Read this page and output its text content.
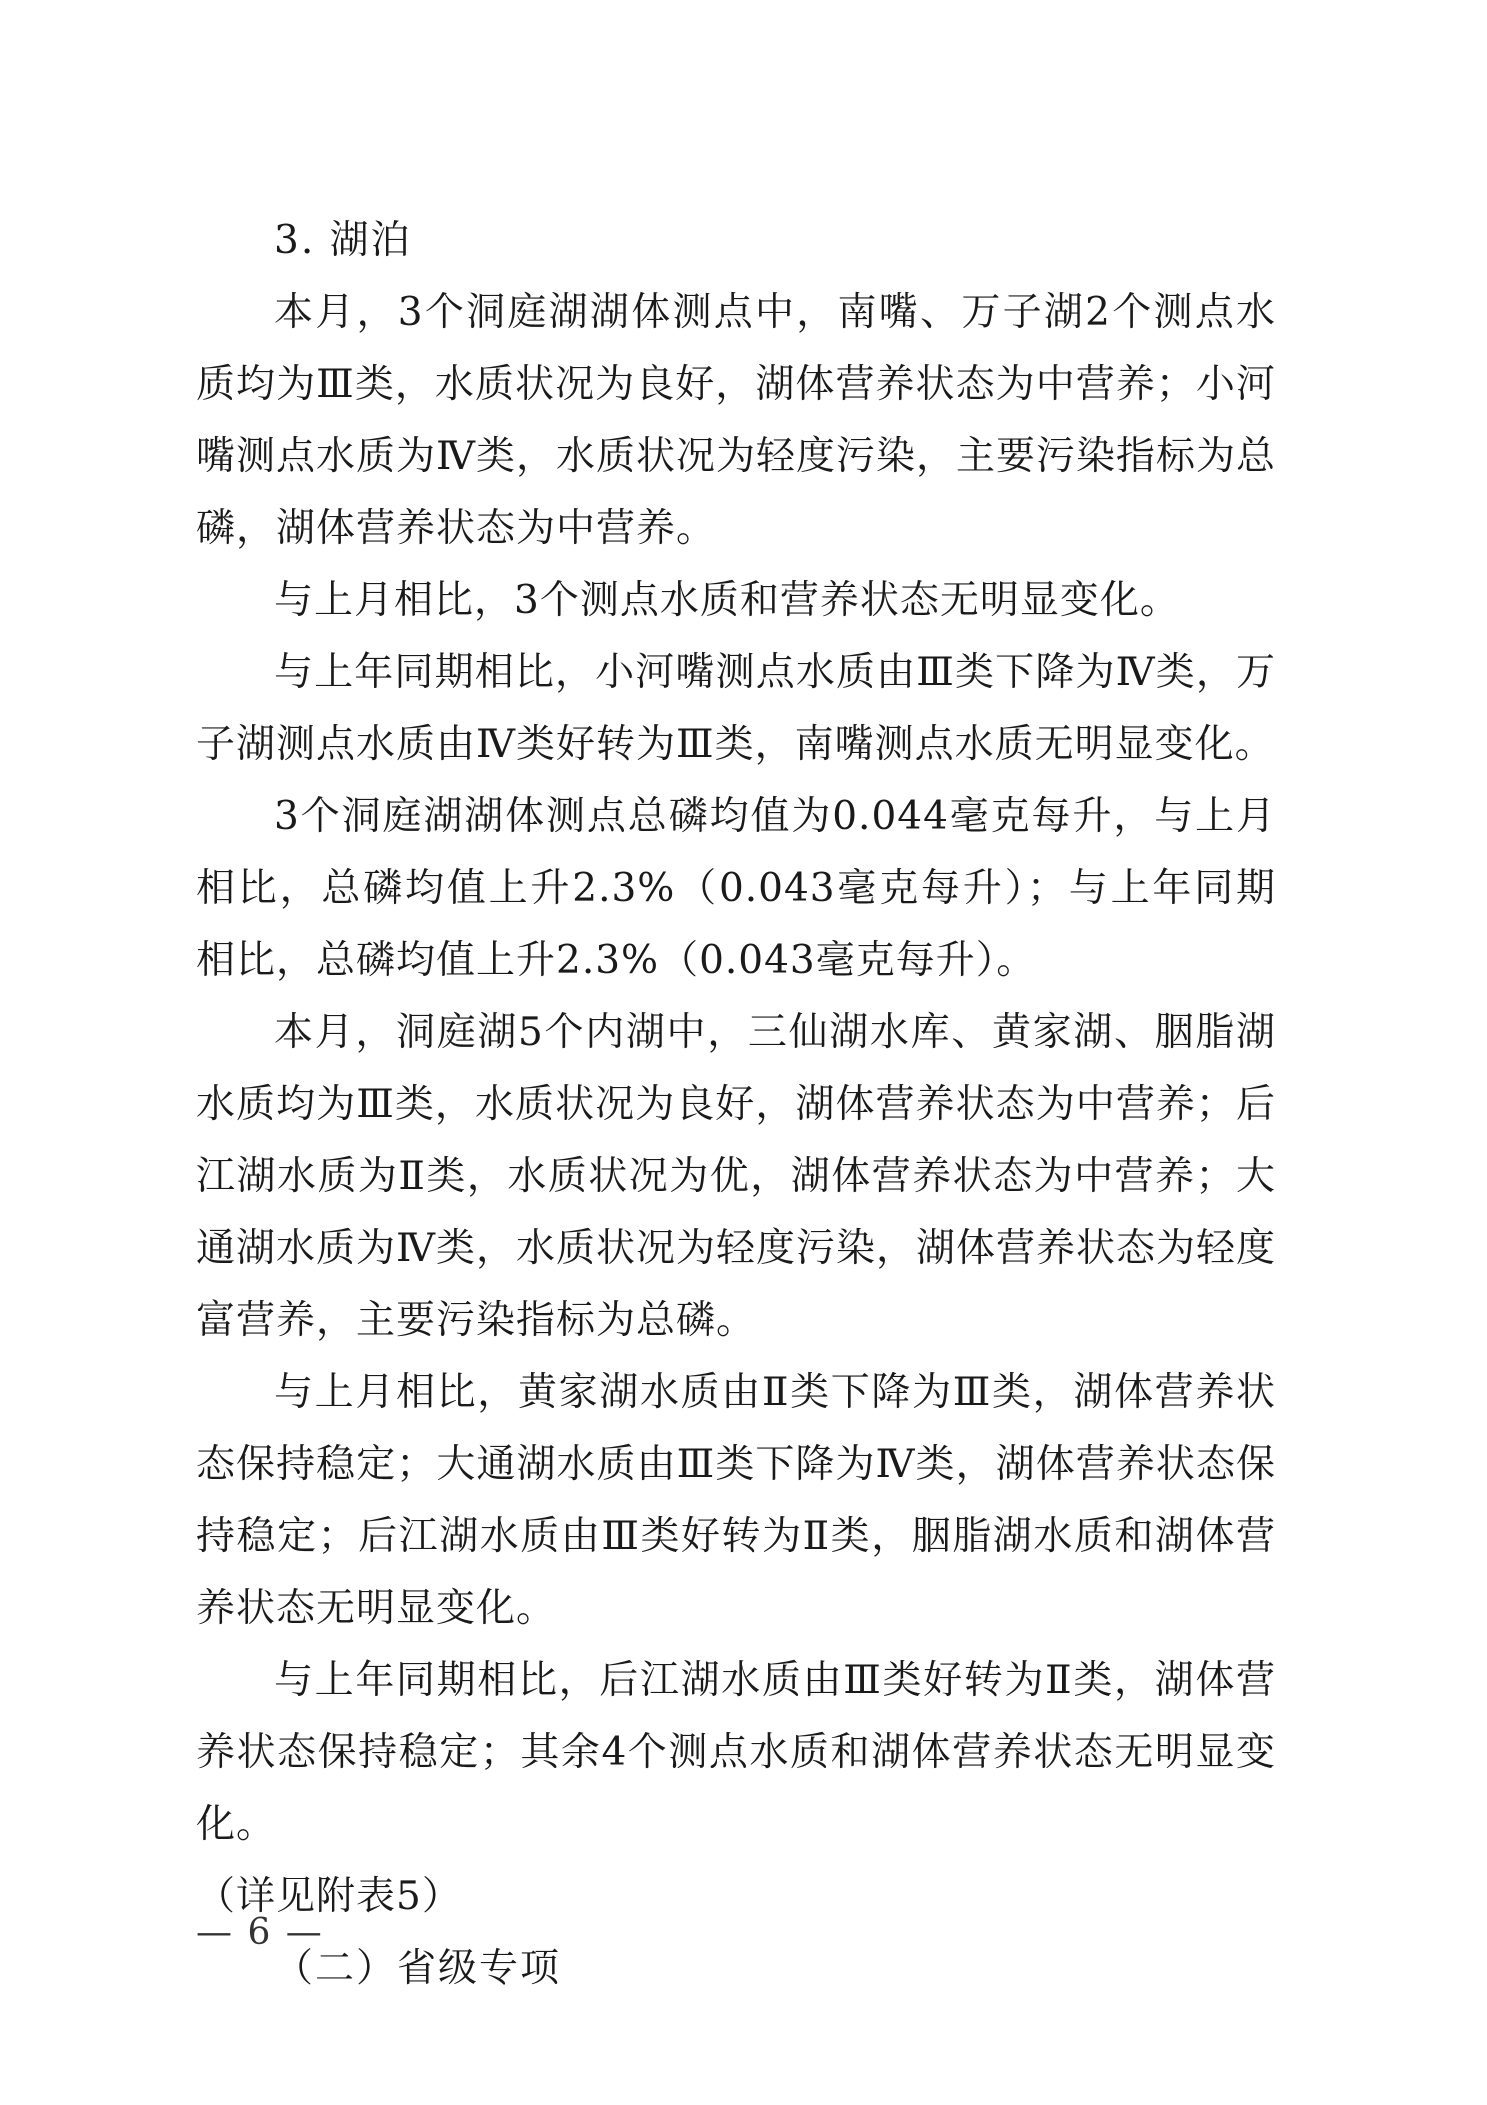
3. 湖泊

本月，3个洞庭湖湖体测点中，南嘴、万子湖2个测点水质均为Ⅲ类，水质状况为良好，湖体营养状态为中营养；小河嘴测点水质为Ⅳ类，水质状况为轻度污染，主要污染指标为总磷，湖体营养状态为中营养。

与上月相比，3个测点水质和营养状态无明显变化。

与上年同期相比，小河嘴测点水质由Ⅲ类下降为Ⅳ类，万子湖测点水质由Ⅳ类好转为Ⅲ类，南嘴测点水质无明显变化。

3个洞庭湖湖体测点总磷均值为0.044毫克每升，与上月相比，总磷均值上升2.3%（0.043毫克每升）；与上年同期相比，总磷均值上升2.3%（0.043毫克每升）。

本月，洞庭湖5个内湖中，三仙湖水库、黄家湖、胭脂湖水质均为Ⅲ类，水质状况为良好，湖体营养状态为中营养；后江湖水质为Ⅱ类，水质状况为优，湖体营养状态为中营养；大通湖水质为Ⅳ类，水质状况为轻度污染，湖体营养状态为轻度富营养，主要污染指标为总磷。

与上月相比，黄家湖水质由Ⅱ类下降为Ⅲ类，湖体营养状态保持稳定；大通湖水质由Ⅲ类下降为Ⅳ类，湖体营养状态保持稳定；后江湖水质由Ⅲ类好转为Ⅱ类，胭脂湖水质和湖体营养状态无明显变化。

与上年同期相比，后江湖水质由Ⅲ类好转为Ⅱ类，湖体营养状态保持稳定；其余4个测点水质和湖体营养状态无明显变化。

（详见附表5）

（二）省级专项

— 6 —
